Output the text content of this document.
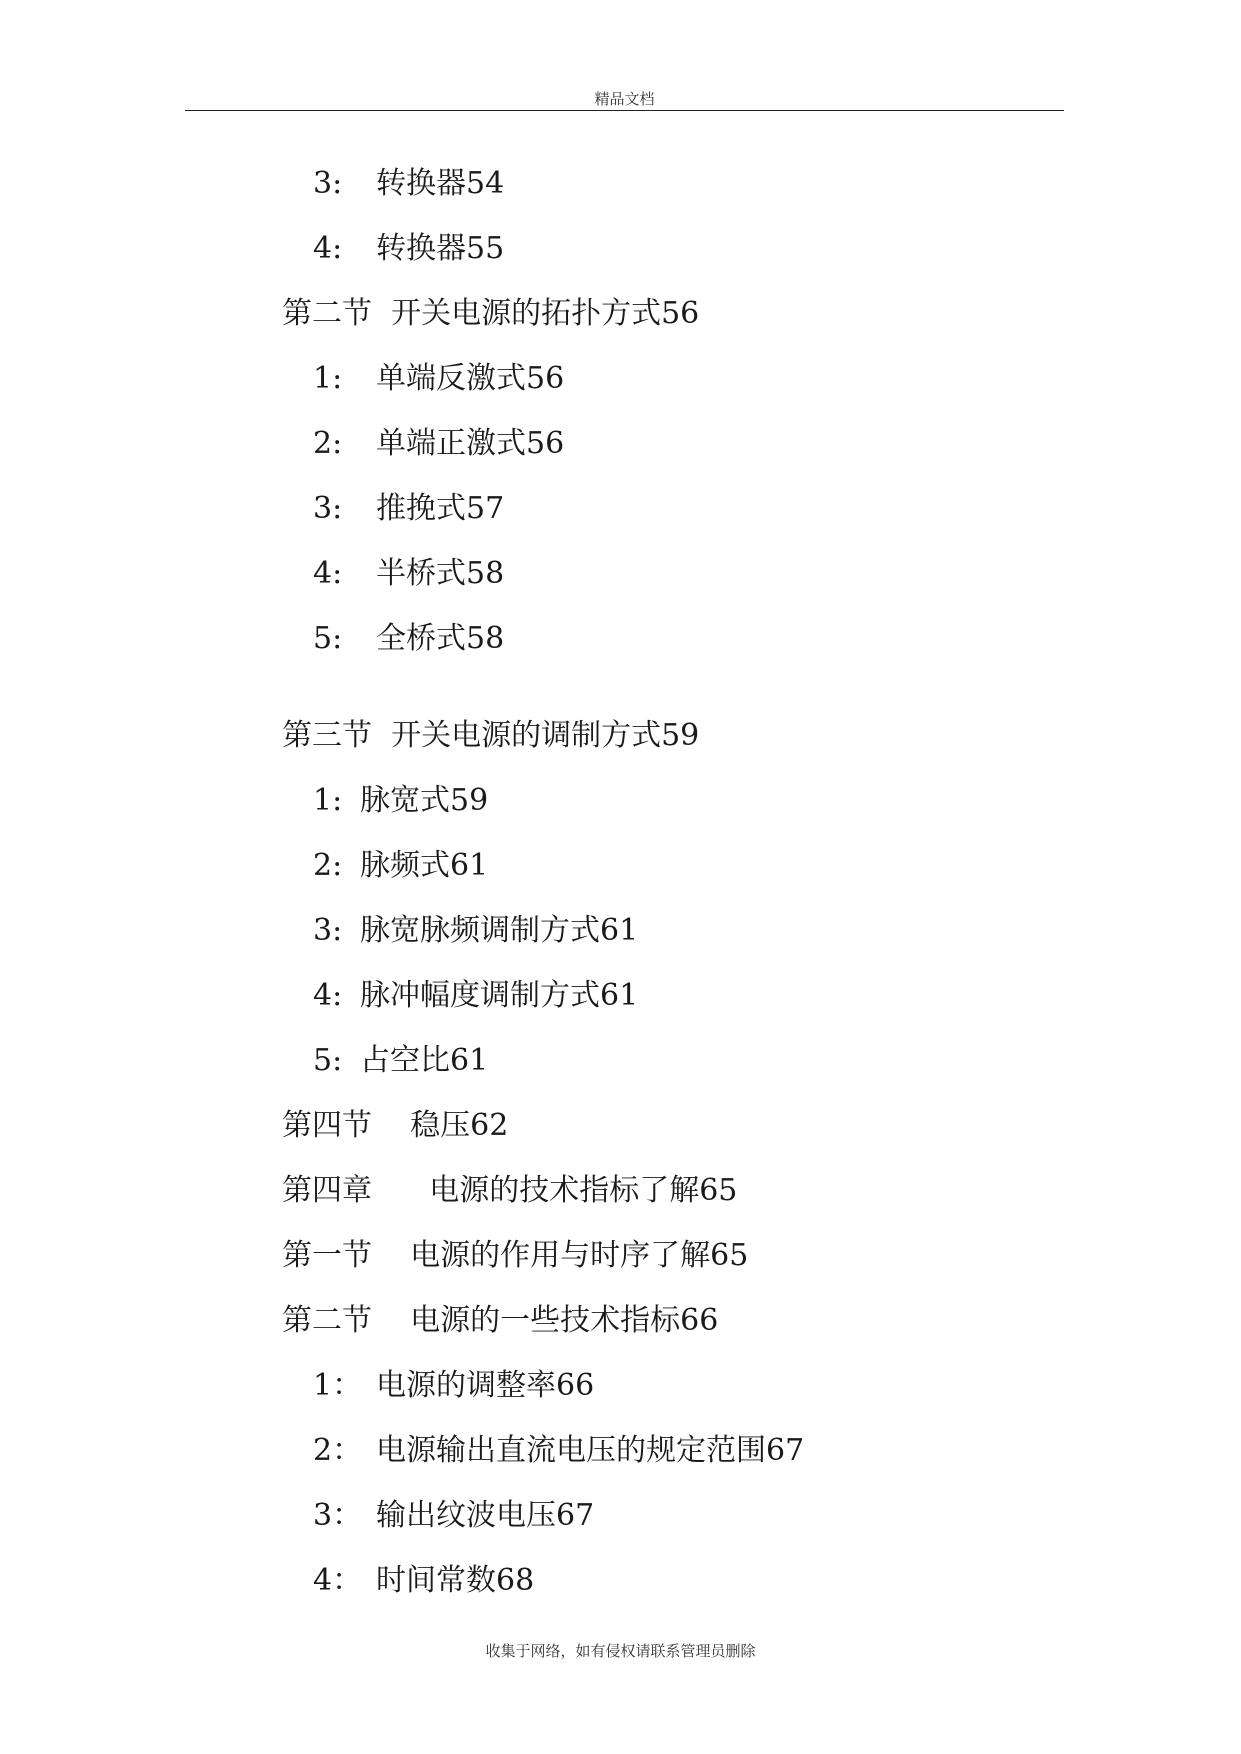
精品文档
3: 转换器54
4: 转换器55
第二节  开关电源的拓扑方式56
1: 单端反激式56
2: 单端正激式56
3: 推挽式57
4: 半桥式58
5: 全桥式58
第三节  开关电源的调制方式59
1: 脉宽式59
2: 脉频式61
3: 脉宽脉频调制方式61
4: 脉冲幅度调制方式61
5: 占空比61
第四节    稳压62
第四章      电源的技术指标了解65
第一节    电源的作用与时序了解65
第二节    电源的一些技术指标66
1： 电源的调整率66
2： 电源输出直流电压的规定范围67
3： 输出纹波电压67
4： 时间常数68
收集于网络，如有侵权请联系管理员删除
